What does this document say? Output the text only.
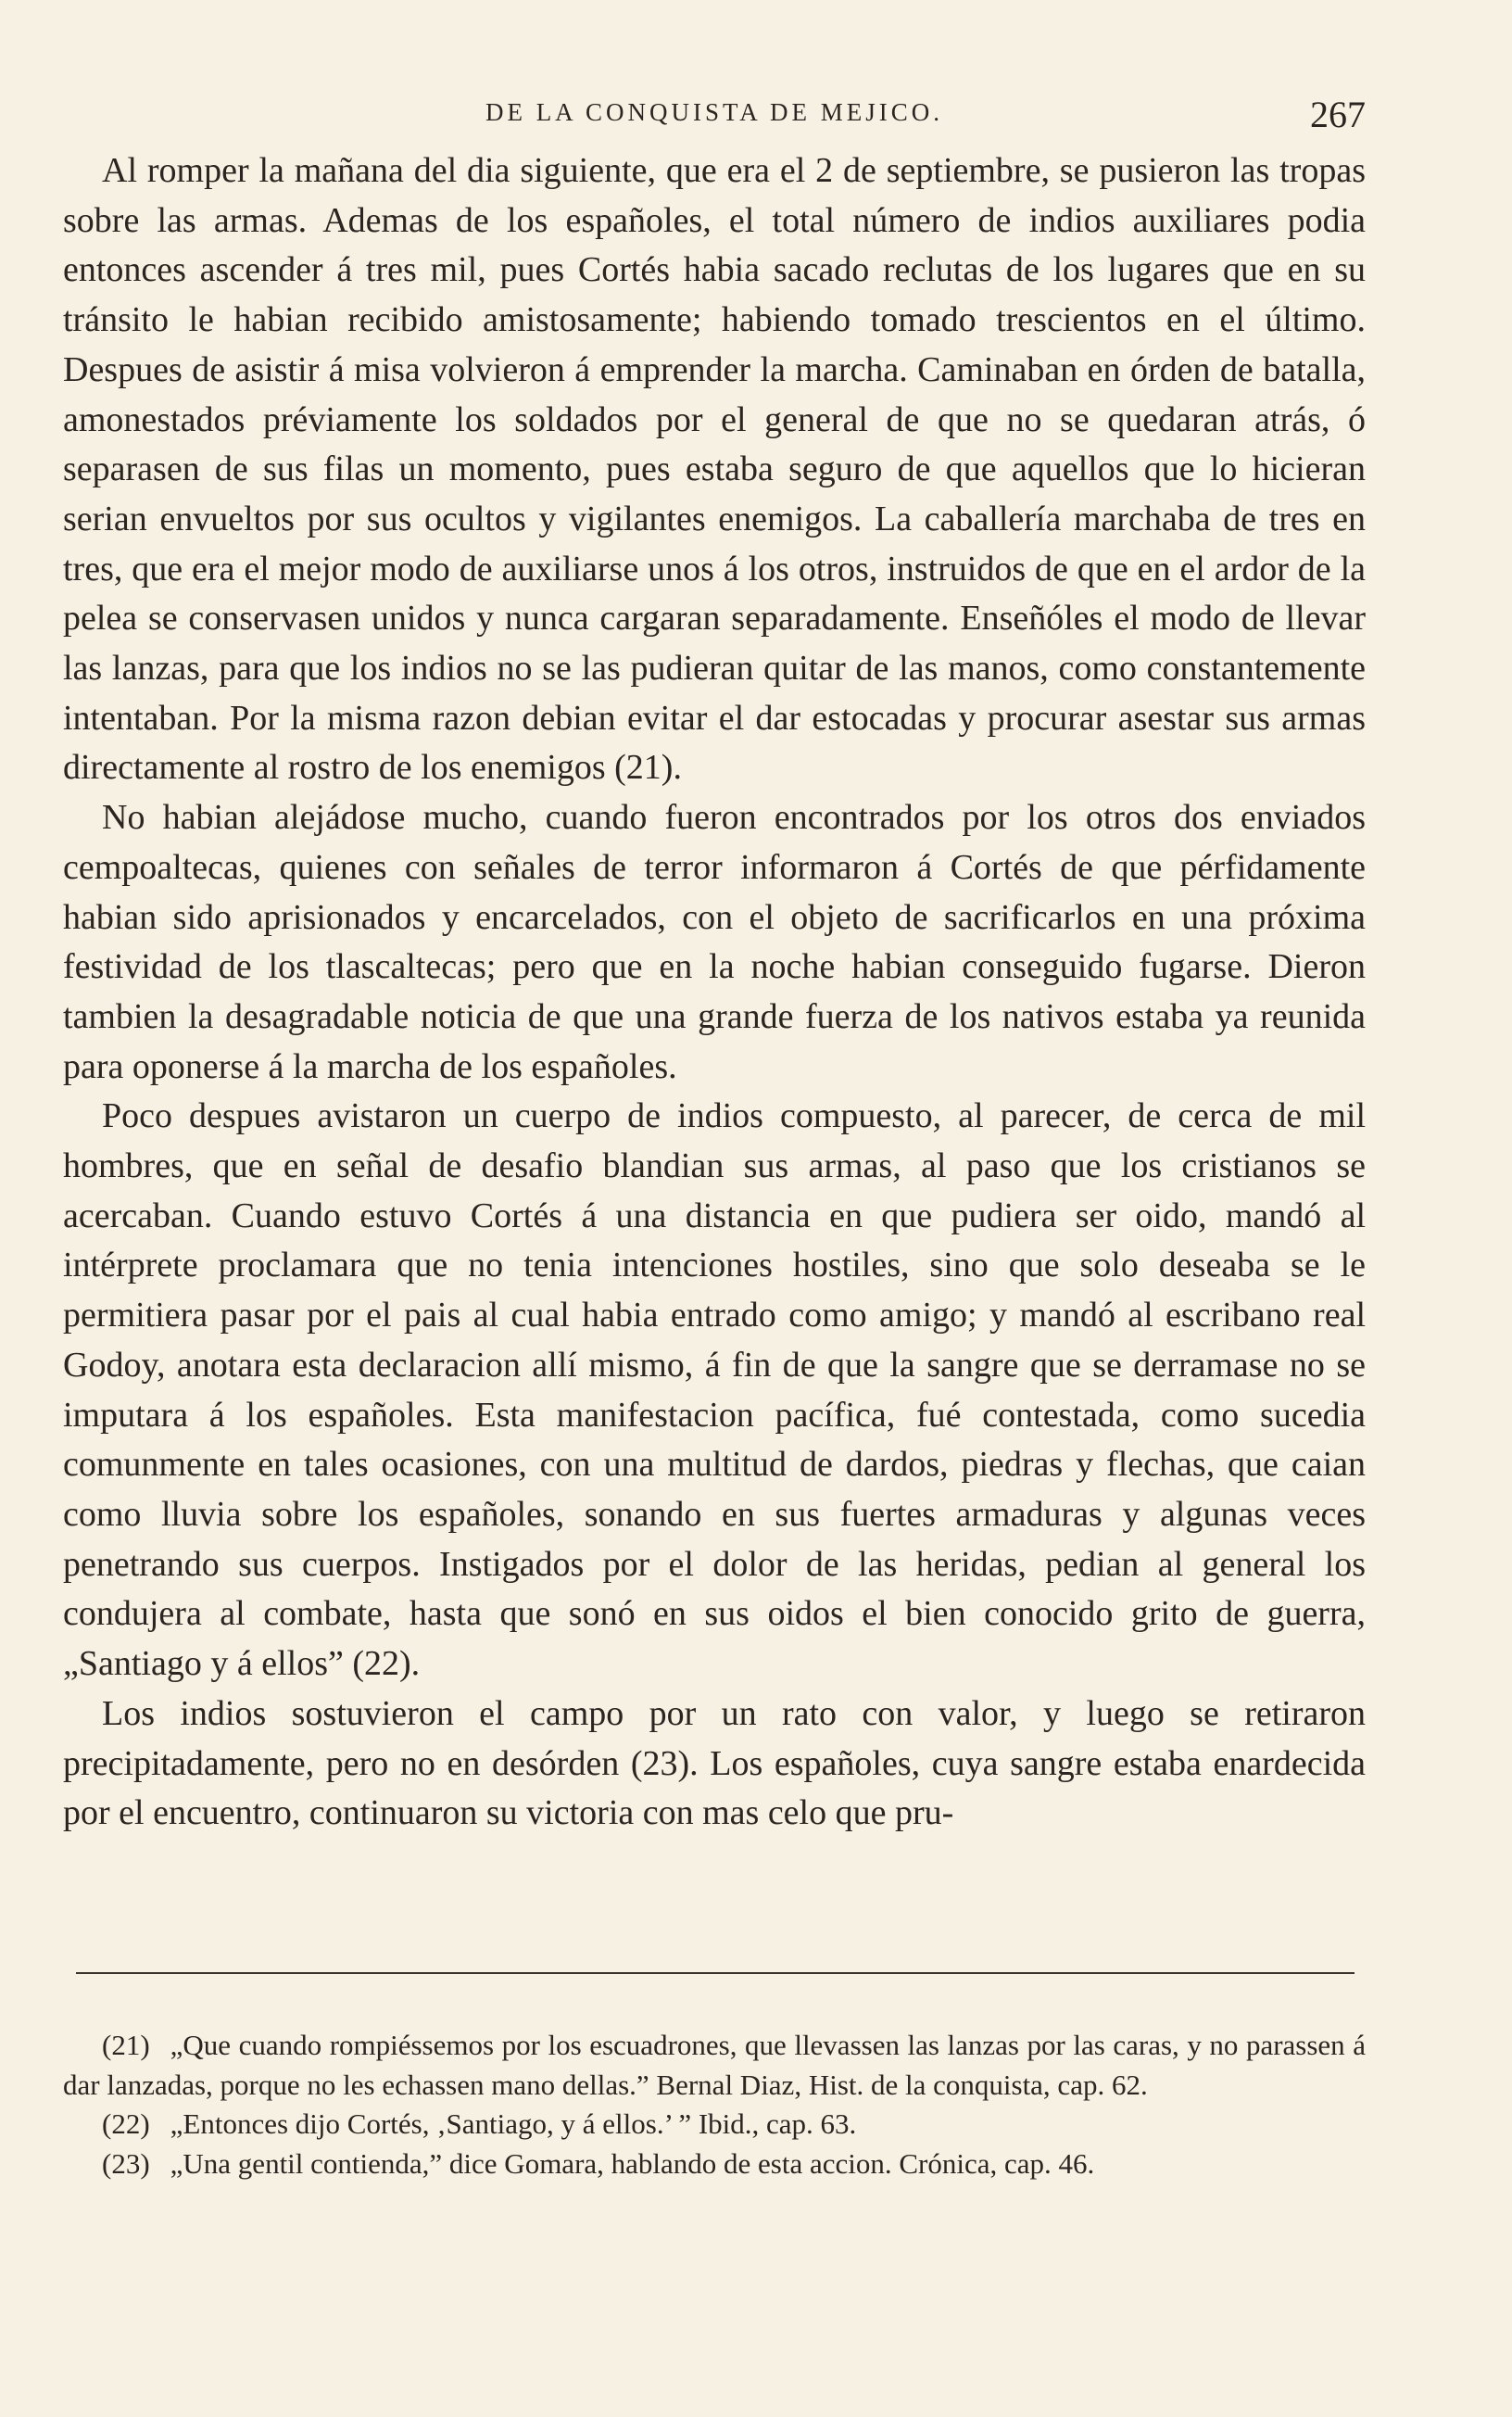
DE LA CONQUISTA DE MEJICO.	267

Al romper la mañana del dia siguiente, que era el 2 de septiembre, se pusieron las tropas sobre las armas. Ademas de los españoles, el total número de indios auxiliares podia entonces ascender á tres mil, pues Cortés habia sacado reclutas de los lugares que en su tránsito le habian recibido amistosamente; habiendo tomado trescientos en el último. Despues de asistir á misa volvieron á emprender la marcha. Caminaban en órden de batalla, amonestados préviamente los soldados por el general de que no se quedaran atrás, ó separasen de sus filas un momento, pues estaba seguro de que aquellos que lo hicieran serian envueltos por sus ocultos y vigilantes enemigos. La caballería marchaba de tres en tres, que era el mejor modo de auxiliarse unos á los otros, instruidos de que en el ardor de la pelea se conservasen unidos y nunca cargaran separadamente. Enseñóles el modo de llevar las lanzas, para que los indios no se las pudieran quitar de las manos, como constantemente intentaban. Por la misma razon debian evitar el dar estocadas y procurar asestar sus armas directamente al rostro de los enemigos (21).

No habian alejádose mucho, cuando fueron encontrados por los otros dos enviados cempoaltecas, quienes con señales de terror informaron á Cortés de que pérfidamente habian sido aprisionados y encarcelados, con el objeto de sacrificarlos en una próxima festividad de los tlascaltecas; pero que en la noche habian conseguido fugarse. Dieron tambien la desagradable noticia de que una grande fuerza de los nativos estaba ya reunida para oponerse á la marcha de los españoles.

Poco despues avistaron un cuerpo de indios compuesto, al parecer, de cerca de mil hombres, que en señal de desafio blandian sus armas, al paso que los cristianos se acercaban. Cuando estuvo Cortés á una distancia en que pudiera ser oido, mandó al intérprete proclamara que no tenia intenciones hostiles, sino que solo deseaba se le permitiera pasar por el pais al cual habia entrado como amigo; y mandó al escribano real Godoy, anotara esta declaracion allí mismo, á fin de que la sangre que se derramase no se imputara á los españoles. Esta manifestacion pacífica, fué contestada, como sucedia comunmente en tales ocasiones, con una multitud de dardos, piedras y flechas, que caian como lluvia sobre los españoles, sonando en sus fuertes armaduras y algunas veces penetrando sus cuerpos. Instigados por el dolor de las heridas, pedian al general los condujera al combate, hasta que sonó en sus oidos el bien conocido grito de guerra, „Santiago y á ellos” (22).

Los indios sostuvieron el campo por un rato con valor, y luego se retiraron precipitadamente, pero no en desórden (23). Los españoles, cuya sangre estaba enardecida por el encuentro, continuaron su victoria con mas celo que pru-

(21) „Que cuando rompiéssemos por los escuadrones, que llevassen las lanzas por las caras, y no parassen á dar lanzadas, porque no les echassen mano dellas.” Bernal Diaz, Hist. de la conquista, cap. 62.

(22) „Entonces dijo Cortés, ‚Santiago, y á ellos.’ ” Ibid., cap. 63.

(23) „Una gentil contienda,” dice Gomara, hablando de esta accion. Crónica, cap. 46.
